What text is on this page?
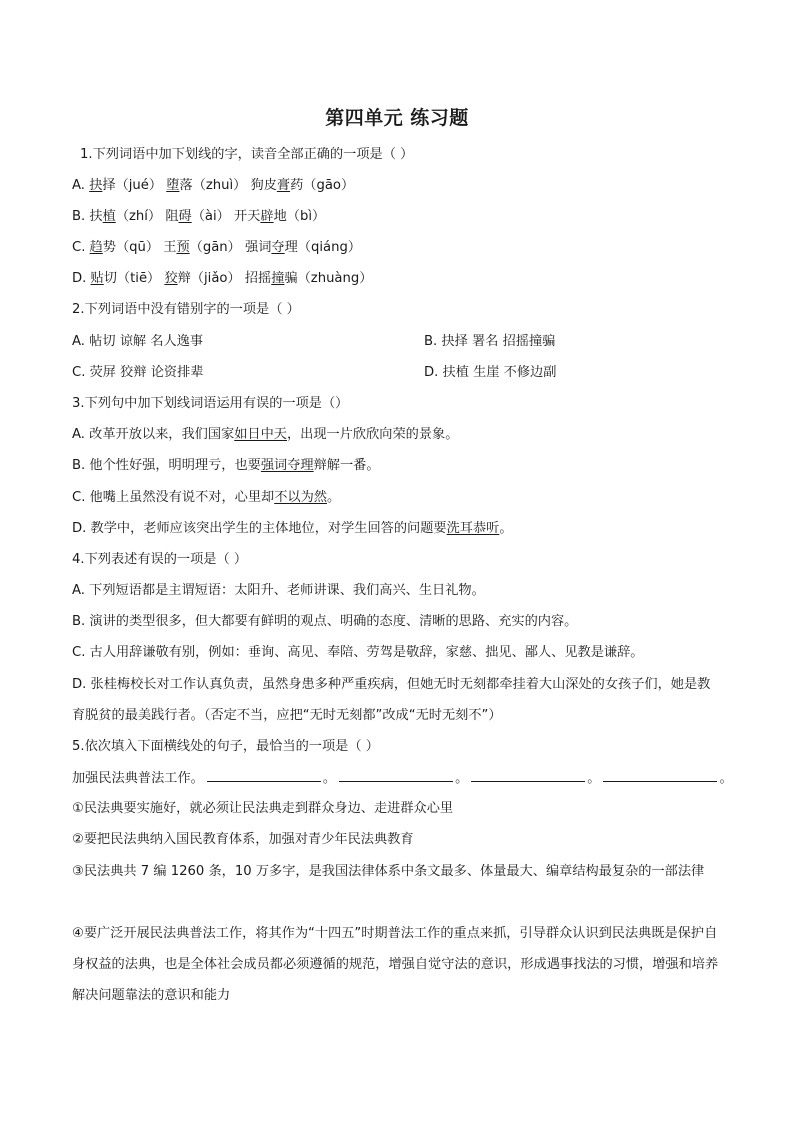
第四单元 练习题
1.下列词语中加下划线的字，读音全部正确的一项是（ ）
A. 抉择（jué） 堕落（zhuì） 狗皮膏药（gāo）
B. 扶植（zhí） 阻碍（ài） 开天辟地（bì）
C. 趋势（qū） 王预（gān） 强词夺理（qiáng）
D. 贴切（tiē） 狡辩（jiǎo） 招摇撞骗（zhuàng）
2.下列词语中没有错别字的一项是（ ）
A. 帖切 谅解 名人逸事	B. 抉择 署名 招摇撞骗
C. 荧屏 狡辩 论资排辈	D. 扶植 生崖 不修边副
3.下列句中加下划线词语运用有误的一项是（）
A. 改革开放以来，我们国家如日中天，出现一片欣欣向荣的景象。
B. 他个性好强，明明理亏，也要强词夺理辩解一番。
C. 他嘴上虽然没有说不对，心里却不以为然。
D. 教学中，老师应该突出学生的主体地位，对学生回答的问题要洗耳恭听。
4.下列表述有误的一项是（ ）
A. 下列短语都是主谓短语：太阳升、老师讲课、我们高兴、生日礼物。
B. 演讲的类型很多，但大都要有鲜明的观点、明确的态度、清晰的思路、充实的内容。
C. 古人用辞谦敬有别，例如：垂询、高见、奉陪、劳驾是敬辞，家慈、拙见、鄙人、见教是谦辞。
D. 张桂梅校长对工作认真负责，虽然身患多种严重疾病，但她无时无刻都牵挂着大山深处的女孩子们，她是教育脱贫的最美践行者。（否定不当，应把“无时无刻都”改成“无时无刻不”）
5.依次填入下面横线处的句子，最恰当的一项是（ ）
加强民法典普法工作。	。	。	。	。
①民法典要实施好，就必须让民法典走到群众身边、走进群众心里
②要把民法典纳入国民教育体系，加强对青少年民法典教育
③民法典共 7 编 1260 条，10 万多字，是我国法律体系中条文最多、体量最大、编章结构最复杂的一部法律
④要广泛开展民法典普法工作，将其作为“十四五”时期普法工作的重点来抓，引导群众认识到民法典既是保护自身权益的法典，也是全体社会成员都必须遵循的规范，增强自觉守法的意识，形成遇事找法的习惯，增强和培养解决问题靠法的意识和能力
